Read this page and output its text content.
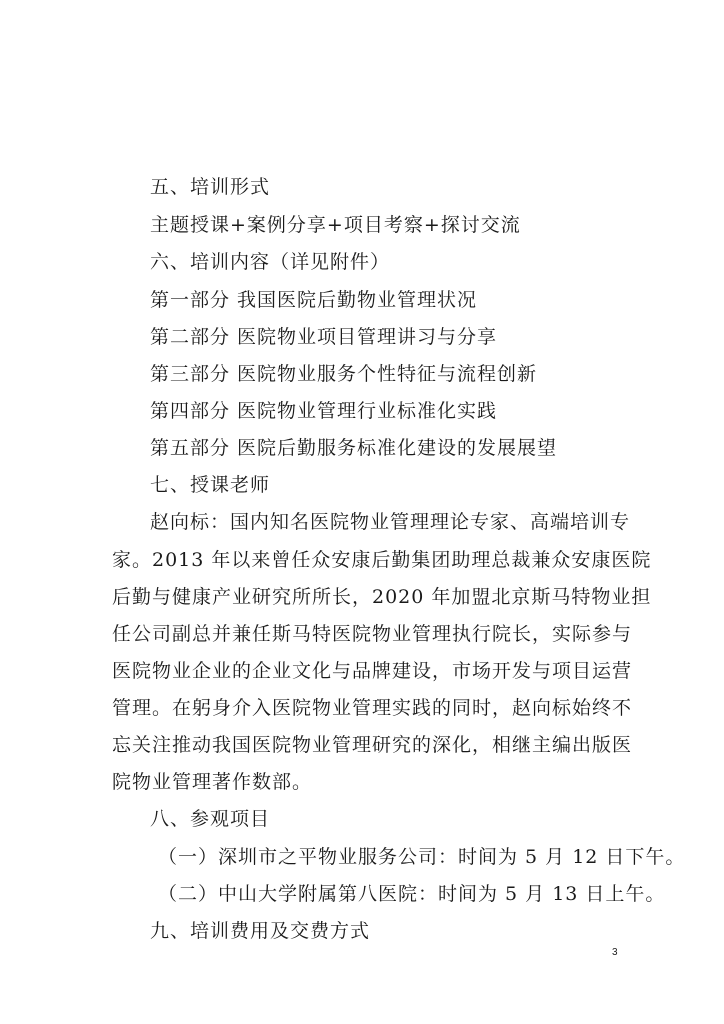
五、培训形式
主题授课+案例分享+项目考察+探讨交流
六、培训内容（详见附件）
第一部分 我国医院后勤物业管理状况
第二部分 医院物业项目管理讲习与分享
第三部分 医院物业服务个性特征与流程创新
第四部分 医院物业管理行业标准化实践
第五部分 医院后勤服务标准化建设的发展展望
七、授课老师
赵向标：国内知名医院物业管理理论专家、高端培训专
家。2013 年以来曾任众安康后勤集团助理总裁兼众安康医院
后勤与健康产业研究所所长，2020 年加盟北京斯马特物业担
任公司副总并兼任斯马特医院物业管理执行院长，实际参与
医院物业企业的企业文化与品牌建设，市场开发与项目运营
管理。在躬身介入医院物业管理实践的同时，赵向标始终不
忘关注推动我国医院物业管理研究的深化，相继主编出版医
院物业管理著作数部。
八、参观项目
（一）深圳市之平物业服务公司：时间为 5 月 12 日下午。
（二）中山大学附属第八医院：时间为 5 月 13 日上午。
九、培训费用及交费方式
3
